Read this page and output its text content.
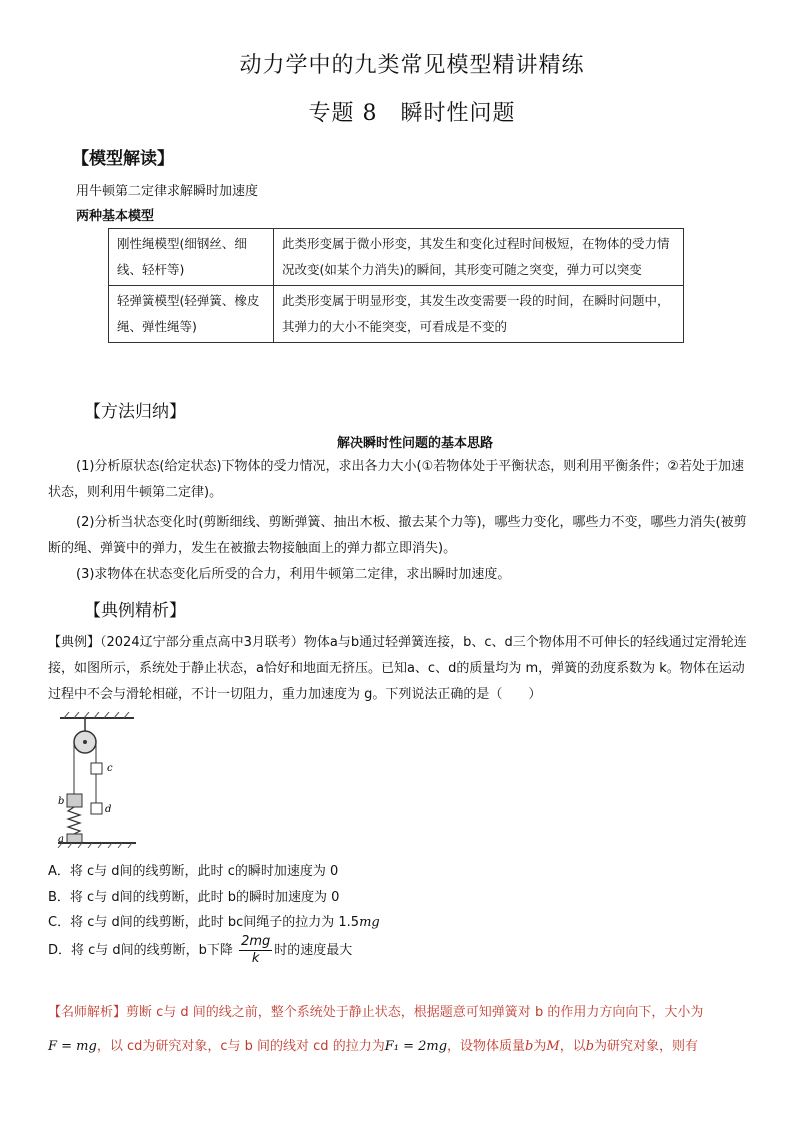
动力学中的九类常见模型精讲精练
专题 8　瞬时性问题
【模型解读】
用牛顿第二定律求解瞬时加速度
两种基本模型
刚性绳模型(细钢丝、细线、轻杆等)	此类形变属于微小形变，其发生和变化过程时间极短，在物体的受力情况改变(如某个力消失)的瞬间，其形变可随之突变，弹力可以突变
轻弹簧模型(轻弹簧、橡皮绳、弹性绳等)	此类形变属于明显形变，其发生改变需要一段的时间，在瞬时问题中，其弹力的大小不能突变，可看成是不变的
【方法归纳】
解决瞬时性问题的基本思路
(1)分析原状态(给定状态)下物体的受力情况，求出各力大小(①若物体处于平衡状态，则利用平衡条件；②若处于加速状态，则利用牛顿第二定律)。
(2)分析当状态变化时(剪断细线、剪断弹簧、抽出木板、撤去某个力等)，哪些力变化，哪些力不变，哪些力消失(被剪断的绳、弹簧中的弹力，发生在被撤去物接触面上的弹力都立即消失)。
(3)求物体在状态变化后所受的合力，利用牛顿第二定律，求出瞬时加速度。
【典例精析】
【典例】（2024辽宁部分重点高中3月联考）物体a与b通过轻弹簧连接，b、c、d三个物体用不可伸长的轻线通过定滑轮连接，如图所示，系统处于静止状态，a恰好和地面无挤压。已知a、c、d的质量均为 m，弹簧的劲度系数为 k。物体在运动过程中不会与滑轮相碰，不计一切阻力，重力加速度为 g。下列说法正确的是（　　）
c
d
b
a
A．将 c与 d间的线剪断，此时 c的瞬时加速度为 0
B．将 c与 d间的线剪断，此时 b的瞬时加速度为 0
C．将 c与 d间的线剪断，此时 bc间绳子的拉力为 1.5mg
D．将 c与 d间的线剪断，b下降 $\frac{2mg}{k}$ 时的速度最大
【名师解析】剪断 c与 d 间的线之前，整个系统处于静止状态，根据题意可知弹簧对 b 的作用力方向向下，大小为
F = mg，以 cd为研究对象，c与 b 间的线对 cd 的拉力为F₁ = 2mg，设物体质量b为M，以b为研究对象，则有
